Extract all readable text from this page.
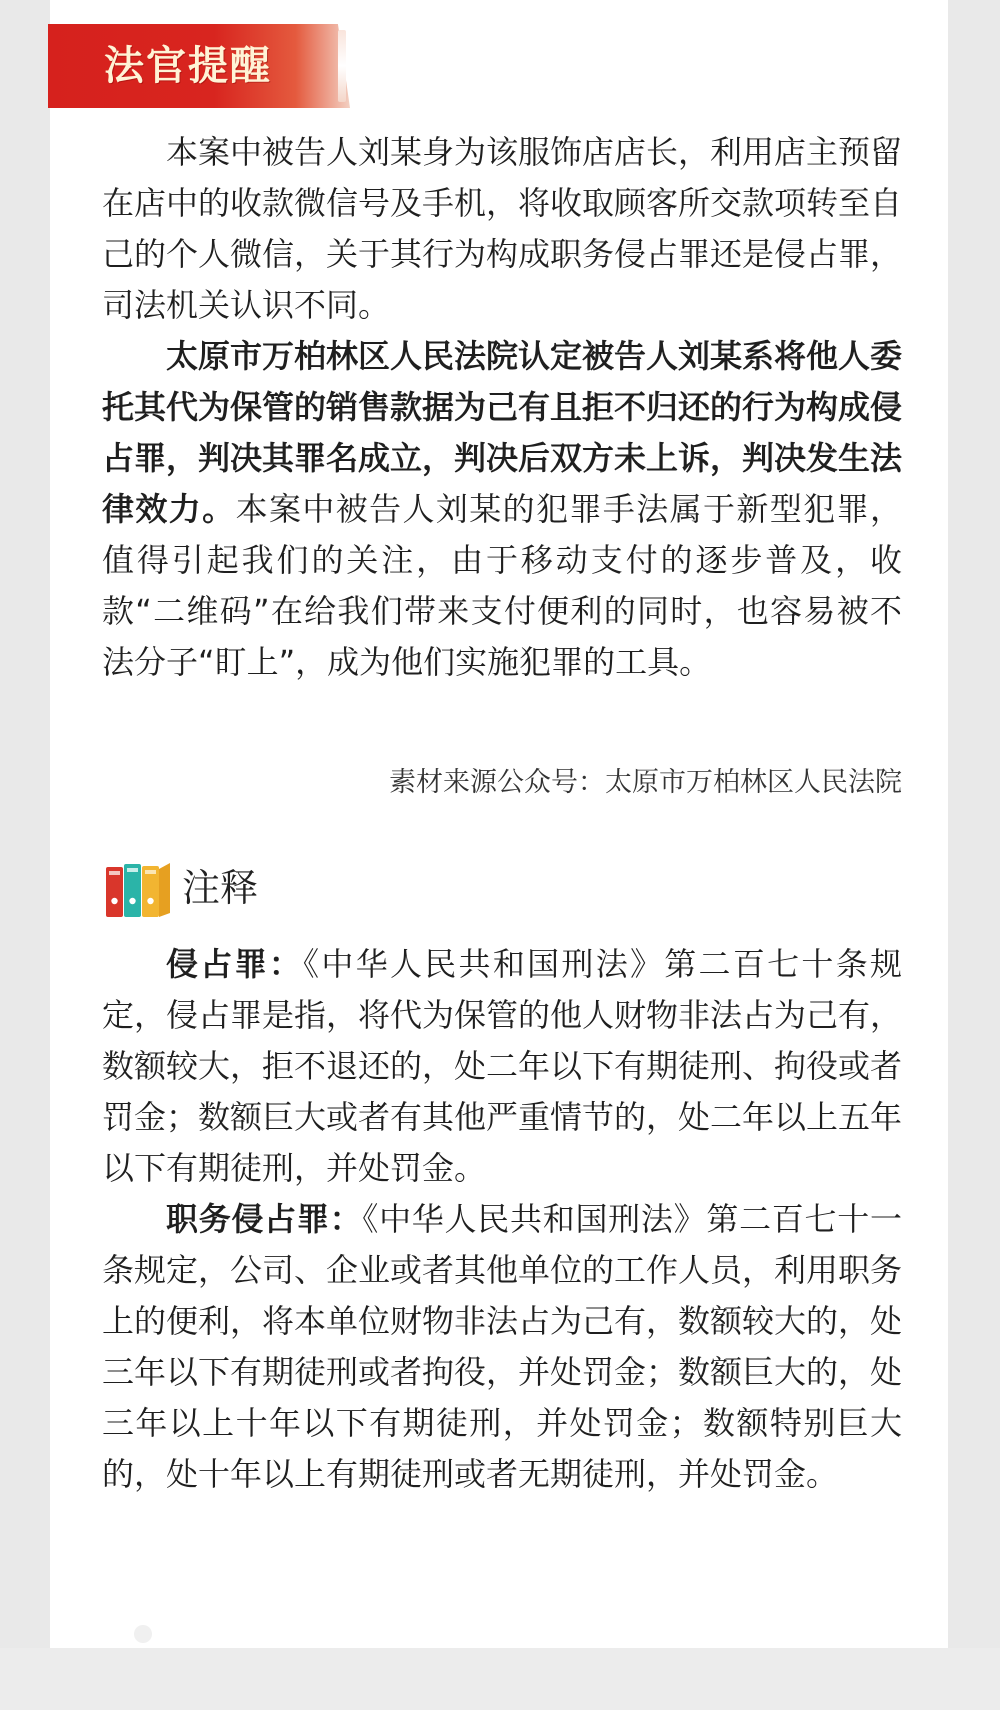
法官提醒

本案中被告人刘某身为该服饰店店长，利用店主预留在店中的收款微信号及手机，将收取顾客所交款项转至自己的个人微信，关于其行为构成职务侵占罪还是侵占罪，司法机关认识不同。

太原市万柏林区人民法院认定被告人刘某系将他人委托其代为保管的销售款据为己有且拒不归还的行为构成侵占罪，判决其罪名成立，判决后双方未上诉，判决发生法律效力。本案中被告人刘某的犯罪手法属于新型犯罪，值得引起我们的关注，由于移动支付的逐步普及，收款“二维码”在给我们带来支付便利的同时，也容易被不法分子“盯上”，成为他们实施犯罪的工具。

素材来源公众号：太原市万柏林区人民法院
注释

侵占罪：《中华人民共和国刑法》第二百七十条规定，侵占罪是指，将代为保管的他人财物非法占为己有，数额较大，拒不退还的，处二年以下有期徒刑、拘役或者罚金；数额巨大或者有其他严重情节的，处二年以上五年以下有期徒刑，并处罚金。

职务侵占罪：《中华人民共和国刑法》第二百七十一条规定，公司、企业或者其他单位的工作人员，利用职务上的便利，将本单位财物非法占为己有，数额较大的，处三年以下有期徒刑或者拘役，并处罚金；数额巨大的，处三年以上十年以下有期徒刑，并处罚金；数额特别巨大的，处十年以上有期徒刑或者无期徒刑，并处罚金。
